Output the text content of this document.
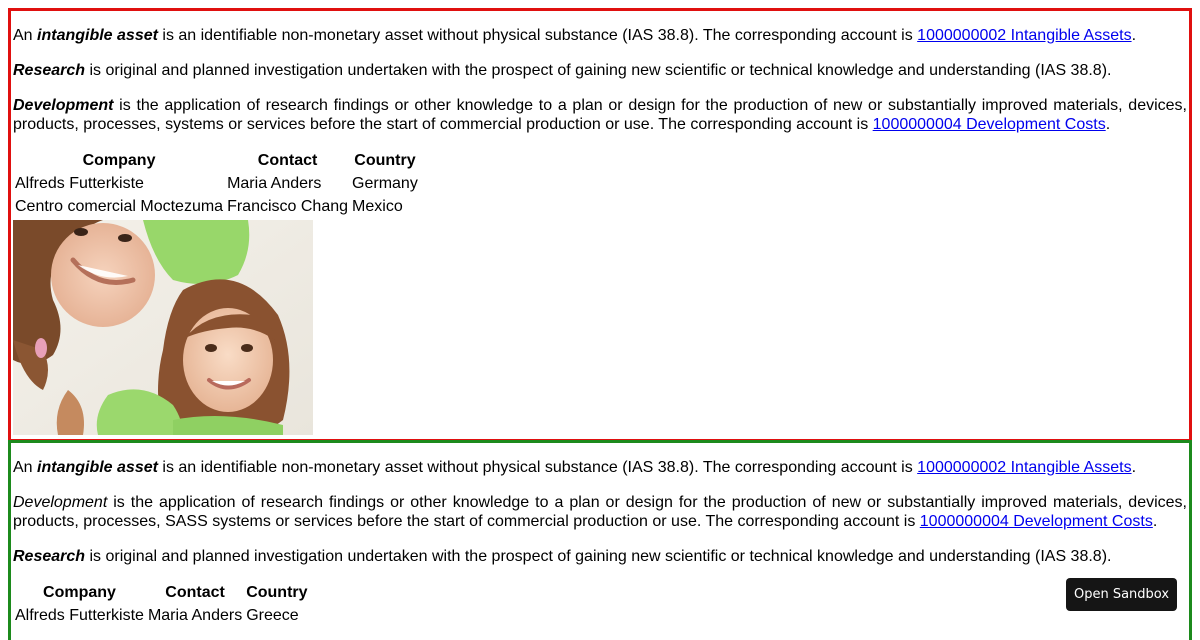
An intangible asset is an identifiable non-monetary asset without physical substance (IAS 38.8). The corresponding account is 1000000002 Intangible Assets.

Research is original and planned investigation undertaken with the prospect of gaining new scientific or technical knowledge and understanding (IAS 38.8).

Development is the application of research findings or other knowledge to a plan or design for the production of new or substantially improved materials, devices, products, processes, systems or services before the start of commercial production or use. The corresponding account is 1000000004 Development Costs.

Company	Contact	Country
Alfreds Futterkiste	Maria Anders	Germany
Centro comercial Moctezuma	Francisco Chang	Mexico

An intangible asset is an identifiable non-monetary asset without physical substance (IAS 38.8). The corresponding account is 1000000002 Intangible Assets.

Development is the application of research findings or other knowledge to a plan or design for the production of new or substantially improved materials, devices, products, processes, SASS systems or services before the start of commercial production or use. The corresponding account is 1000000004 Development Costs.

Research is original and planned investigation undertaken with the prospect of gaining new scientific or technical knowledge and understanding (IAS 38.8).

Company	Contact	Country
Alfreds Futterkiste	Maria Anders	Greece
Open Sandbox
